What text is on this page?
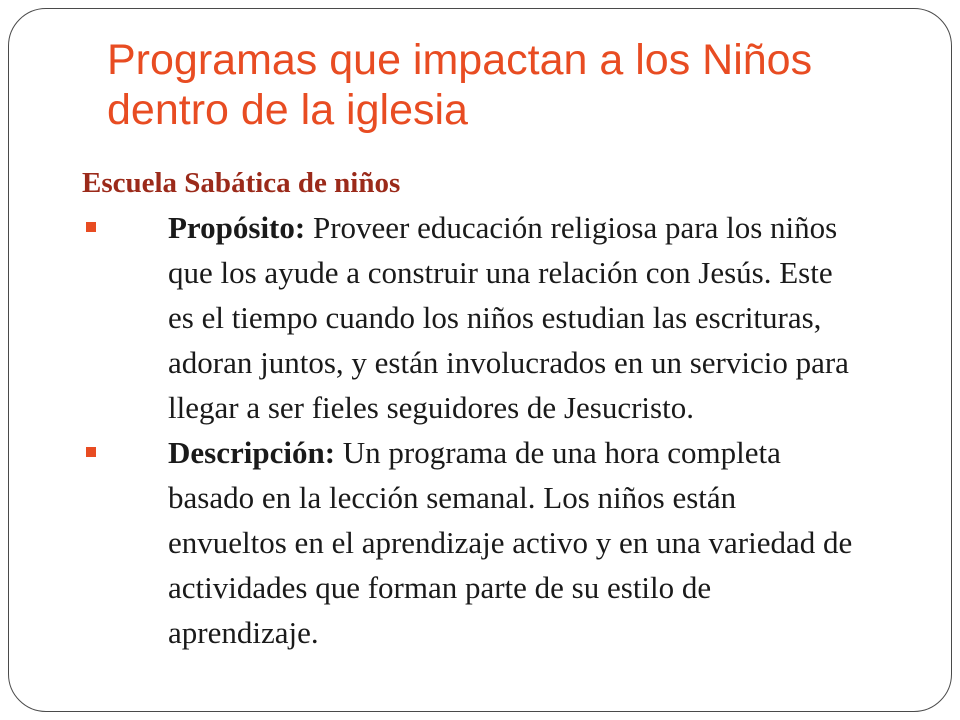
Programas que impactan a los Niños
dentro de la iglesia
Escuela Sabática de niños
Propósito: Proveer educación religiosa para los niños
que los ayude a construir una relación con Jesús. Este
es el tiempo cuando los niños estudian las escrituras,
adoran juntos, y están involucrados en un servicio para
llegar a ser fieles seguidores de Jesucristo.
Descripción: Un programa de una hora completa
basado en la lección semanal. Los niños están
envueltos en el aprendizaje activo y en una variedad de
actividades que forman parte de su estilo de
aprendizaje.
